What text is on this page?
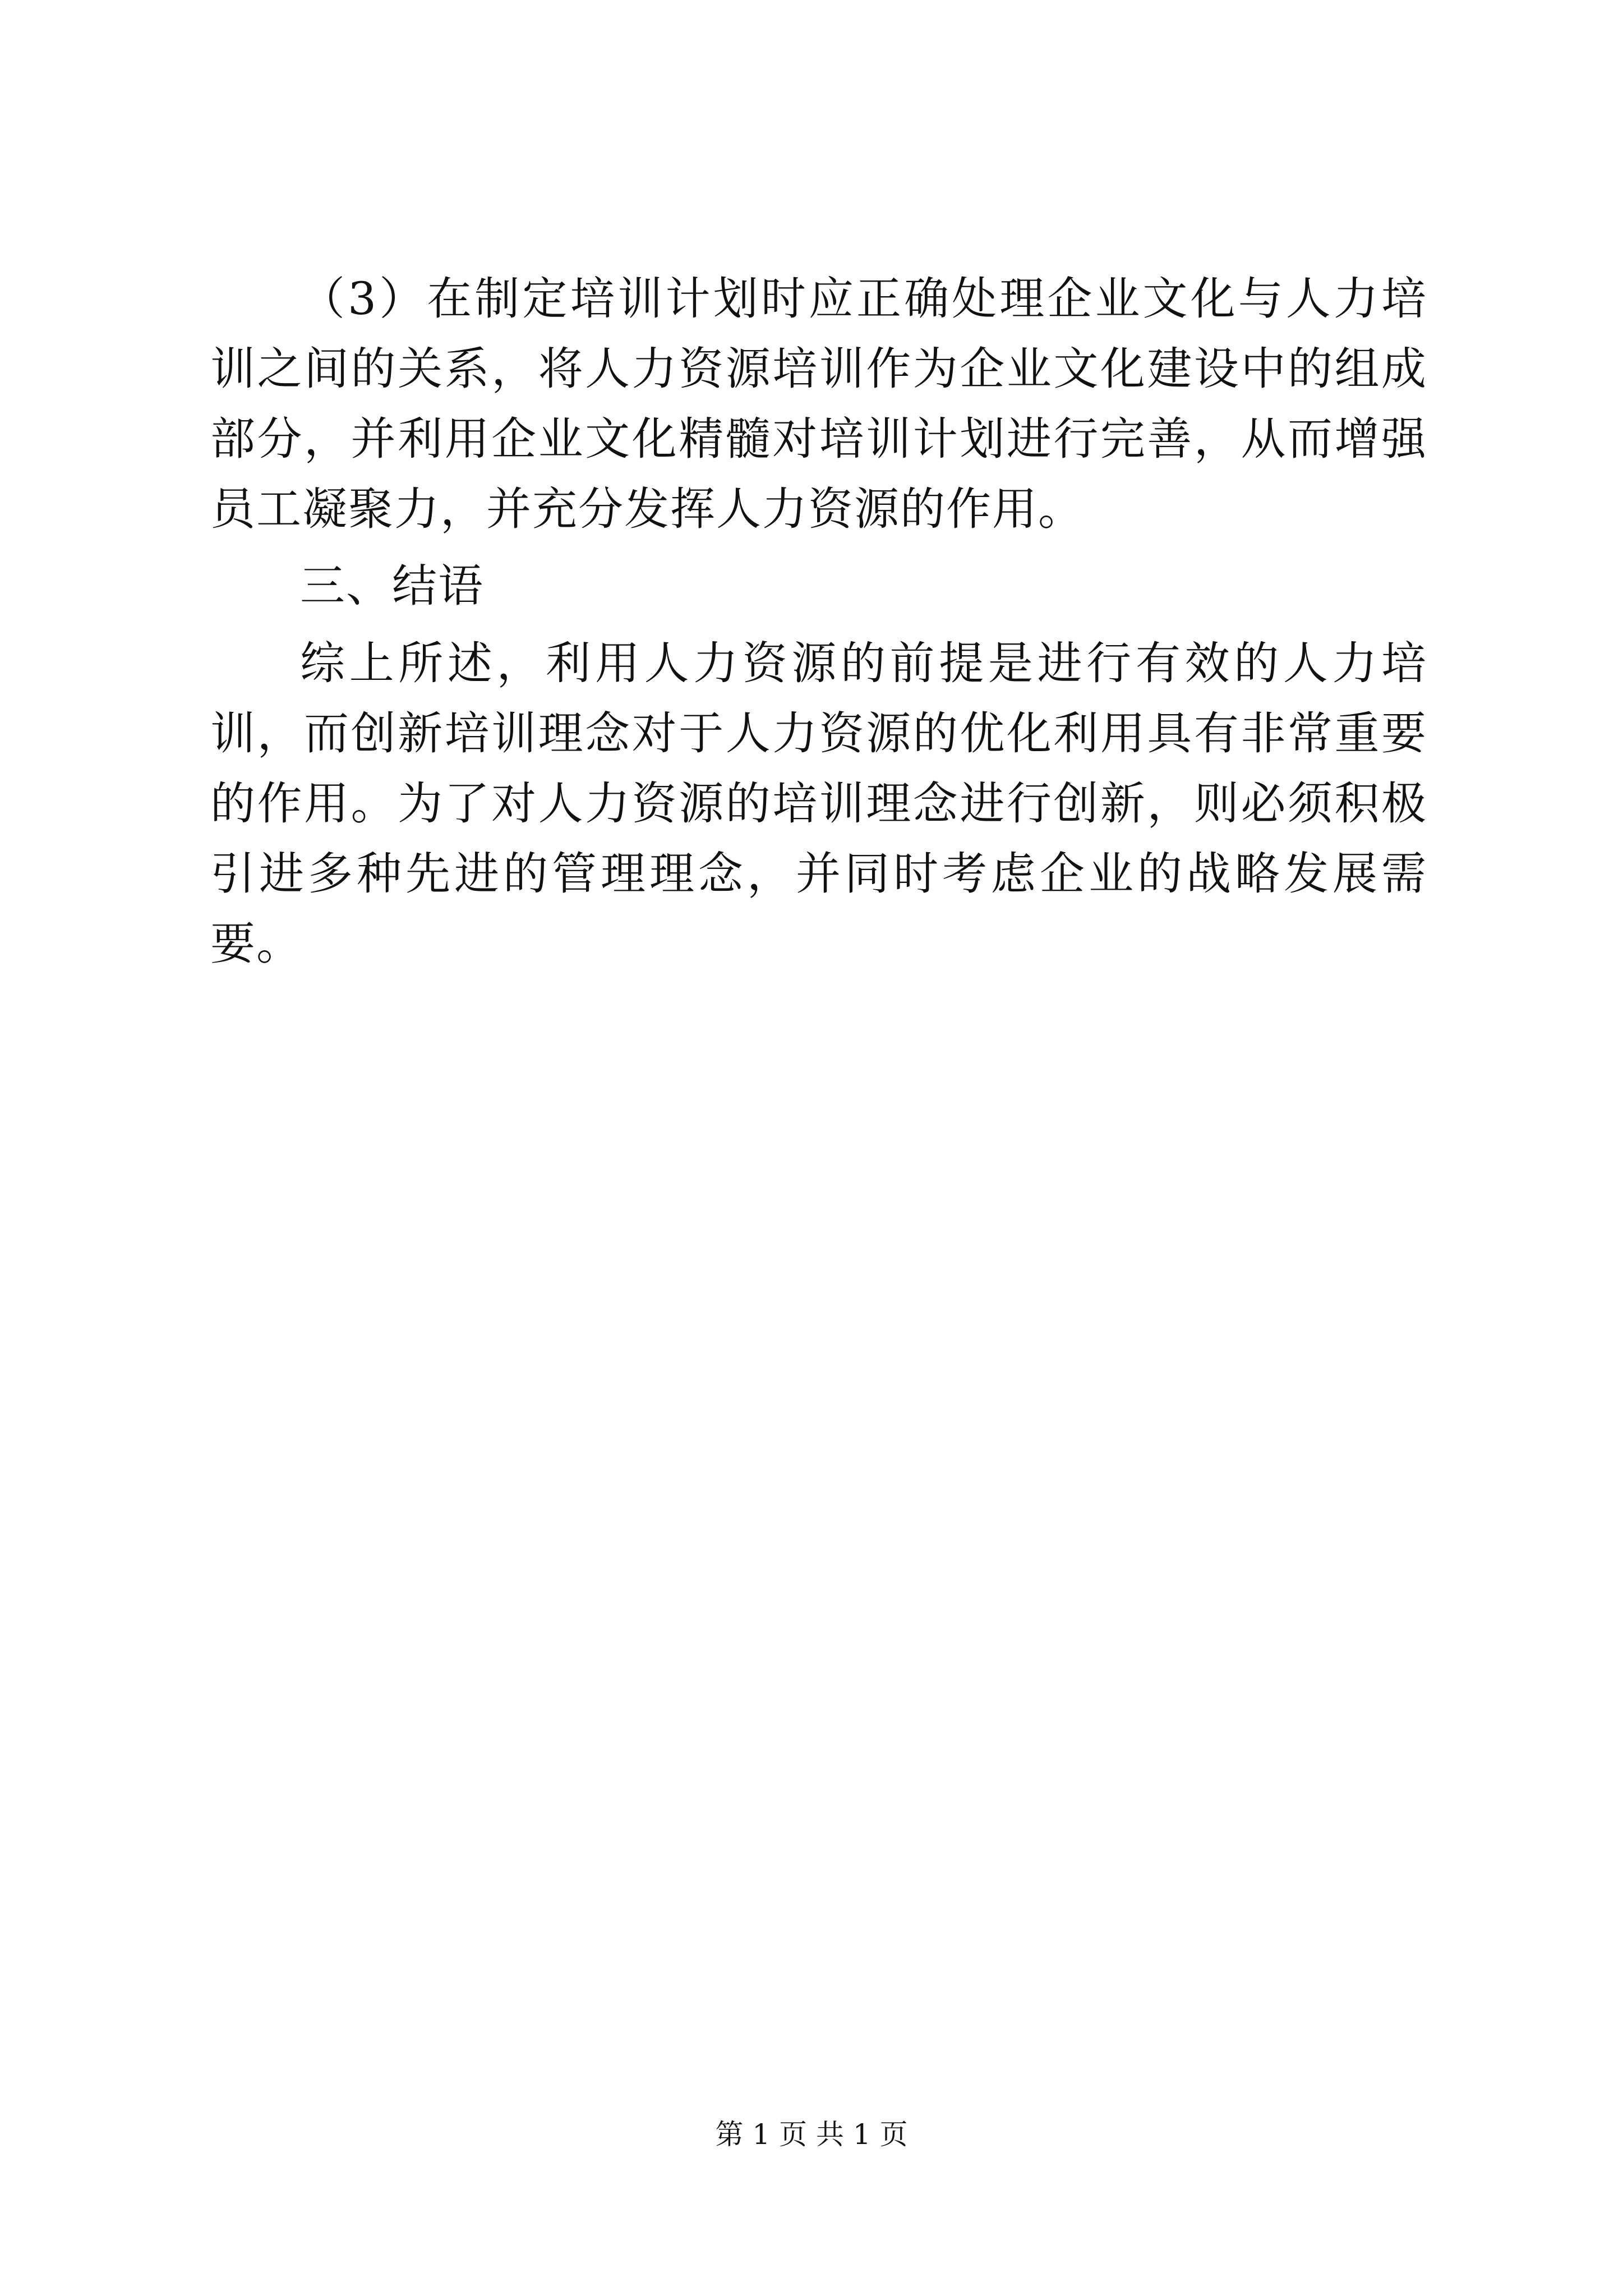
（3）在制定培训计划时应正确处理企业文化与人力培训之间的关系，将人力资源培训作为企业文化建设中的组成部分，并利用企业文化精髓对培训计划进行完善，从而增强员工凝聚力，并充分发挥人力资源的作用。

三、结语

综上所述，利用人力资源的前提是进行有效的人力培训，而创新培训理念对于人力资源的优化利用具有非常重要的作用。为了对人力资源的培训理念进行创新，则必须积极引进多种先进的管理理念，并同时考虑企业的战略发展需要。

第 1 页 共 1 页
